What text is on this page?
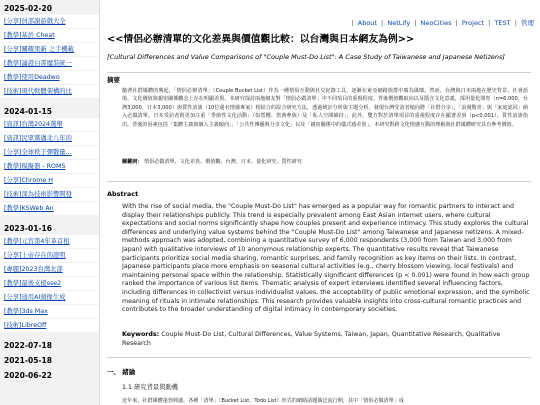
2025-02-20
[分享]員部謝游戲大全
[教學]基於 Cheat
[分享]關耀果新 之手機載
[教學]論證白書魔裝統一
[教學]使用Deadwo
[技術]現代軟體架構的比
2024-01-15
[資訊]台灣2024選舉
[資訊]民眾黨邁北八年的
[分享]全球秩于彈數量...
[教學]模擬器 - ROMS
[分享]Chrome H
[技術]深為技術影響開發
[教學]KSWeb An
2023-01-16
[教學]元宵第4年革首相
[分享]上帝存在的證明
[專題]2023台灣北部
[教學]最後支援sse2
[分享]通用AI頭像生成
[教學]3ds Max
[技術]LibreOff
2022-07-18
2021-05-18
2020-06-22
| About | NetLify | NeoCities | Project | TEST | 管理
<<情侶必辦清單的文化差異與價值觀比較：以台灣與日本網友為例>>
[Cultural Differences and Value Comparisons of "Couple Must-Do List": A Case Study of Taiwanese and Japanese Netizens]
摘要
隨著社群媒體的興起，「情侶必辦清單」（Couple Bucket List）作為一種情侶互動與社交紀錄工具，逐漸在東亞網路族群中廣為風靡。然而，台灣與日本兩地在歷史背景、社會語境、文化價值與親密關係觀念上存在明顯差異。本研究探討兩地網友對「情侶必做清單」中不同項目的重視程度、背後價值觀取向以及隱含文化意義，採用量化問卷（n=6,000，台灣3,000、日本3,000）與質性訪談（10位還名情感專家）相結合的混合研究方法，透過統計分析與主題分析，發現台灣受訪者傾向將「社群分享」、「浪漫驚喜」與「家庭認同」納入必做清單。日本受訪者則更加注重「季節性文化活動」（如賞櫻、祭典參與）及「私人空間維持」，此外，雙方對於清單項目的重視程度存在顯著差異（p<0.001）。質性訪談指出，背後的因素包括「集體主義與個人主義傾向」、「公共性傳播與分享文化」以及「親密關係中的儀式感差異」。本研究對跨文化情感互動的理解與社群媒體研究具有參考價值。
關鍵詞： 情侶必做清單、文化差異、價值觀、台灣、日本、量化研究、質性研究
Abstract
With the rise of social media, the "Couple Must-Do List" has emerged as a popular way for romantic partners to interact and display their relationships publicly. This trend is especially prevalent among East Asian internet users, where cultural expectations and social norms significantly shape how couples present and experience intimacy. This study explores the cultural differences and underlying value systems behind the "Couple Must-Do List" among Taiwanese and Japanese netizens. A mixed-methods approach was adopted, combining a quantitative survey of 6,000 respondents (3,000 from Taiwan and 3,000 from Japan) with qualitative interviews of 10 anonymous relationship experts. The quantitative results reveal that Taiwanese participants prioritize social media sharing, romantic surprises, and family recognition as key items on their lists. In contrast, Japanese participants place more emphasis on seasonal cultural activities (e.g., cherry blossom viewing, local festivals) and maintaining personal space within the relationship. Statistically significant differences (p < 0.001) were found in how each group ranked the importance of various list items. Thematic analysis of expert interviews identified several influencing factors, including differences in collectivist versus individualist values, the acceptability of public emotional expression, and the symbolic meaning of rituals in intimate relationships. This research provides valuable insights into cross-cultural romantic practices and contributes to the broader understanding of digital intimacy in contemporary societies.
Keywords: Couple Must-Do List, Cultural Differences, Value Systems, Taiwan, Japan, Quantitative Research, Qualitative Research
一、 緒論
1.1 研究背景與動機
近年來，社群媒體蓬勃興盛，各種「清單」（Bucket List、Todo List）形式的網路話題廣泛流行開，其中「情侶必做清單」成
